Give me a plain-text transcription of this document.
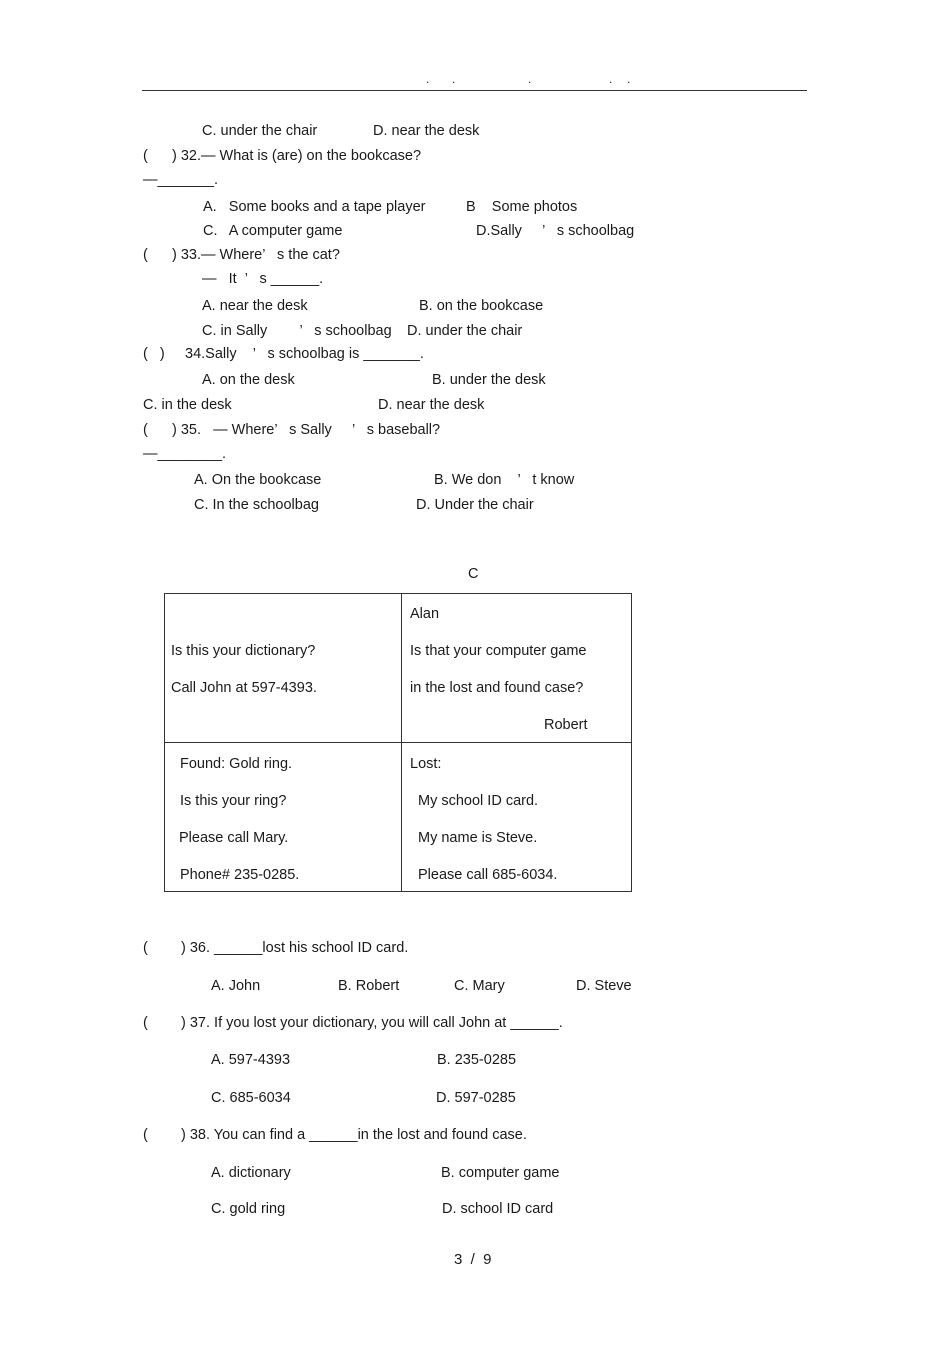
. .	.	. .
C. under the chair	D. near the desk
( ) 32.— What is (are) on the bookcase?
—_______.
A.   Some books and a tape player	B    Some photos
C.   A computer game	D.Sally     ’   s schoolbag
( ) 33.— Where’   s the cat?
—   It  ’   s ______.
A. near the desk	B. on the bookcase
C. in Sally        ’   s schoolbag D. under the chair
(   ) 34.Sally    ’   s schoolbag is _______.
A. on the desk	B. under the desk
C. in the desk	D. near the desk
( ) 35.   — Where’   s Sally     ’   s baseball?
—________.
A. On the bookcase	B. We don    ’   t know
C. In the schoolbag	D. Under the chair
C
Is this your dictionary?
Call John at 597-4393.
Alan
Is that your computer game
in the lost and found case?
Robert
Found: Gold ring.
Is this your ring?
Please call Mary.
Phone# 235-0285.
Lost:
My school ID card.
My name is Steve.
Please call 685-6034.
( ) 36. ______lost his school ID card.
A. John	B. Robert	C. Mary	D. Steve
( ) 37. If you lost your dictionary, you will call John at ______.
A. 597-4393	B. 235-0285
C. 685-6034	D. 597-0285
( ) 38. You can find a ______in the lost and found case.
A. dictionary	B. computer game
C. gold ring	D. school ID card
3  /  9
